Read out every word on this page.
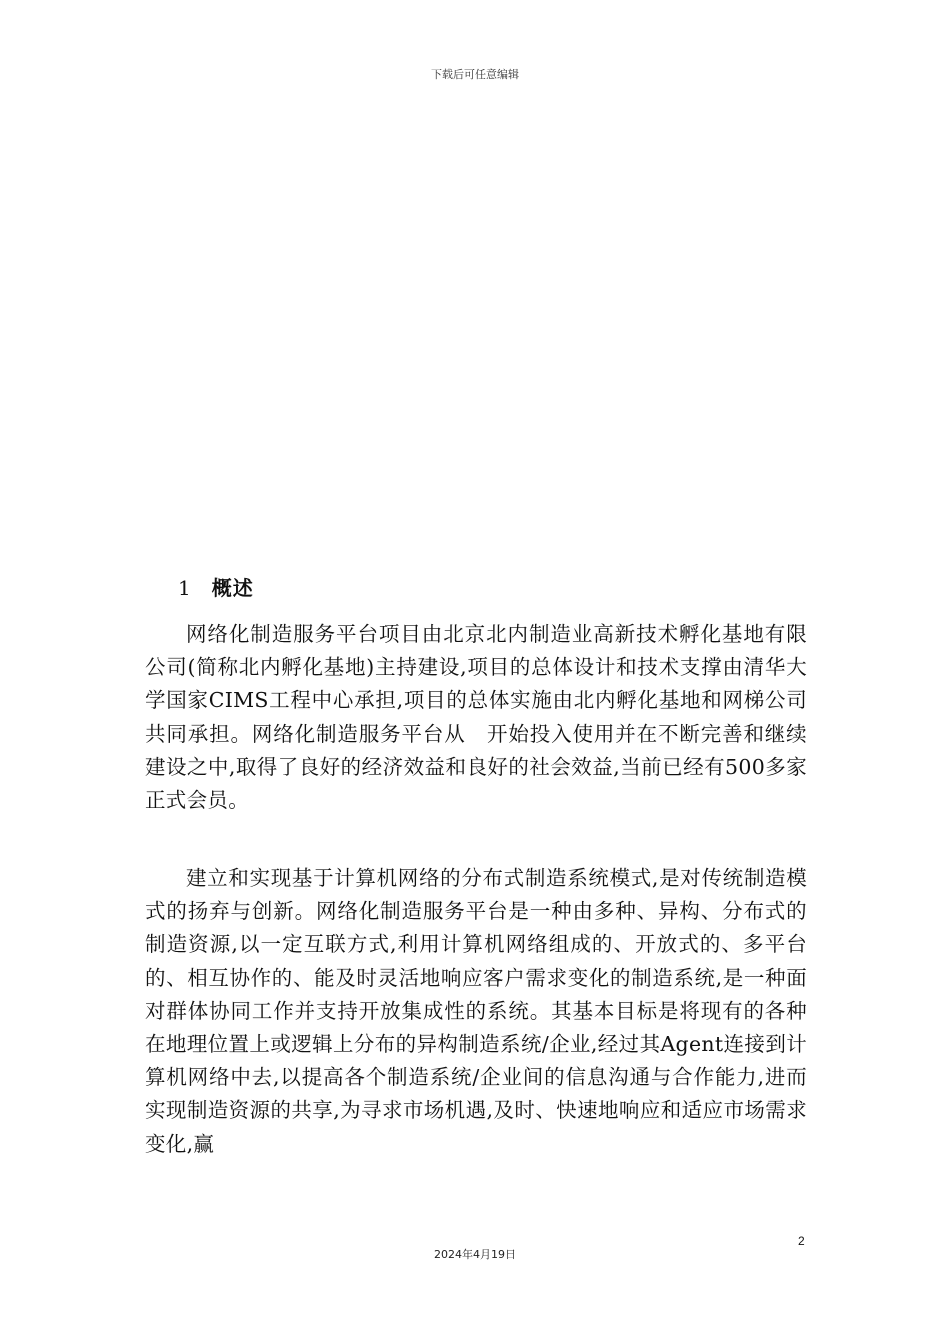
下载后可任意编辑
1 概述

网络化制造服务平台项目由北京北内制造业高新技术孵化基地有限公司(简称北内孵化基地)主持建设,项目的总体设计和技术支撑由清华大学国家CIMS工程中心承担,项目的总体实施由北内孵化基地和网梯公司共同承担。网络化制造服务平台从　开始投入使用并在不断完善和继续建设之中,取得了良好的经济效益和良好的社会效益,当前已经有500多家正式会员。

建立和实现基于计算机网络的分布式制造系统模式,是对传统制造模式的扬弃与创新。网络化制造服务平台是一种由多种、异构、分布式的制造资源,以一定互联方式,利用计算机网络组成的、开放式的、多平台的、相互协作的、能及时灵活地响应客户需求变化的制造系统,是一种面对群体协同工作并支持开放集成性的系统。其基本目标是将现有的各种在地理位置上或逻辑上分布的异构制造系统/企业,经过其Agent连接到计算机网络中去,以提高各个制造系统/企业间的信息沟通与合作能力,进而实现制造资源的共享,为寻求市场机遇,及时、快速地响应和适应市场需求变化,赢

2
2024年4月19日
